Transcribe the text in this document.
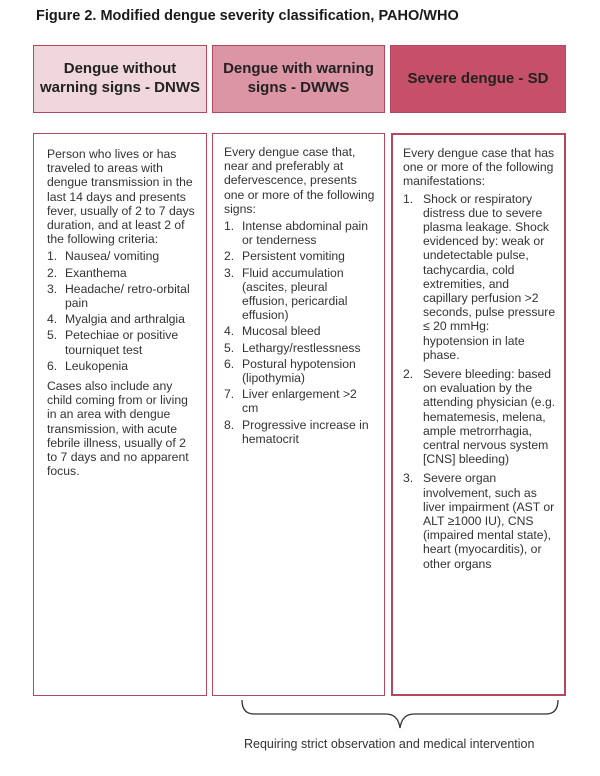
Figure 2. Modified dengue severity classification, PAHO/WHO
Dengue without warning signs - DNWS
Dengue with warning signs - DWWS
Severe dengue - SD

Person who lives or has traveled to areas with dengue transmission in the last 14 days and presents fever, usually of 2 to 7 days duration, and at least 2 of the following criteria:

1. Nausea/ vomiting
2. Exanthema
3. Headache/ retro-orbital pain
4. Myalgia and arthralgia
5. Petechiae or positive tourniquet test
6. Leukopenia

Cases also include any child coming from or living in an area with dengue transmission, with acute febrile illness, usually of 2 to 7 days and no apparent focus.

Every dengue case that, near and preferably at defervescence, presents one or more of the following signs:

1. Intense abdominal pain or tenderness
2. Persistent vomiting
3. Fluid accumulation (ascites, pleural effusion, pericardial effusion)
4. Mucosal bleed
5. Lethargy/restlessness
6. Postural hypotension (lipothymia)
7. Liver enlargement >2 cm
8. Progressive increase in hematocrit

Every dengue case that has one or more of the following manifestations:

1. Shock or respiratory distress due to severe plasma leakage. Shock evidenced by: weak or undetectable pulse, tachycardia, cold extremities, and capillary perfusion >2 seconds, pulse pressure ≤ 20 mmHg: hypotension in late phase.
2. Severe bleeding: based on evaluation by the attending physician (e.g. hematemesis, melena, ample metrorrhagia, central nervous system [CNS] bleeding)
3. Severe organ involvement, such as liver impairment (AST or ALT ≥1000 IU), CNS (impaired mental state), heart (myocarditis), or other organs
Requiring strict observation and medical intervention
